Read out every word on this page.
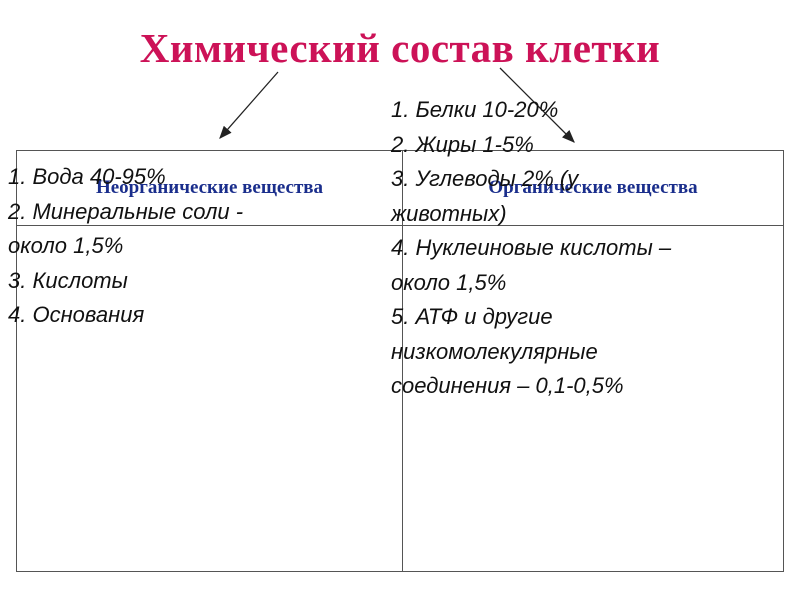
Химический состав клетки
Неорганические вещества	Органические вещества
1. Вода 40-95%
2. Минеральные соли -
около 1,5%
3. Кислоты
4. Основания
1. Белки 10-20%
2. Жиры 1-5%
3. Углеводы 2% (у
животных)
4. Нуклеиновые кислоты –
около 1,5%
5. АТФ и другие
низкомолекулярные
соединения – 0,1-0,5%
